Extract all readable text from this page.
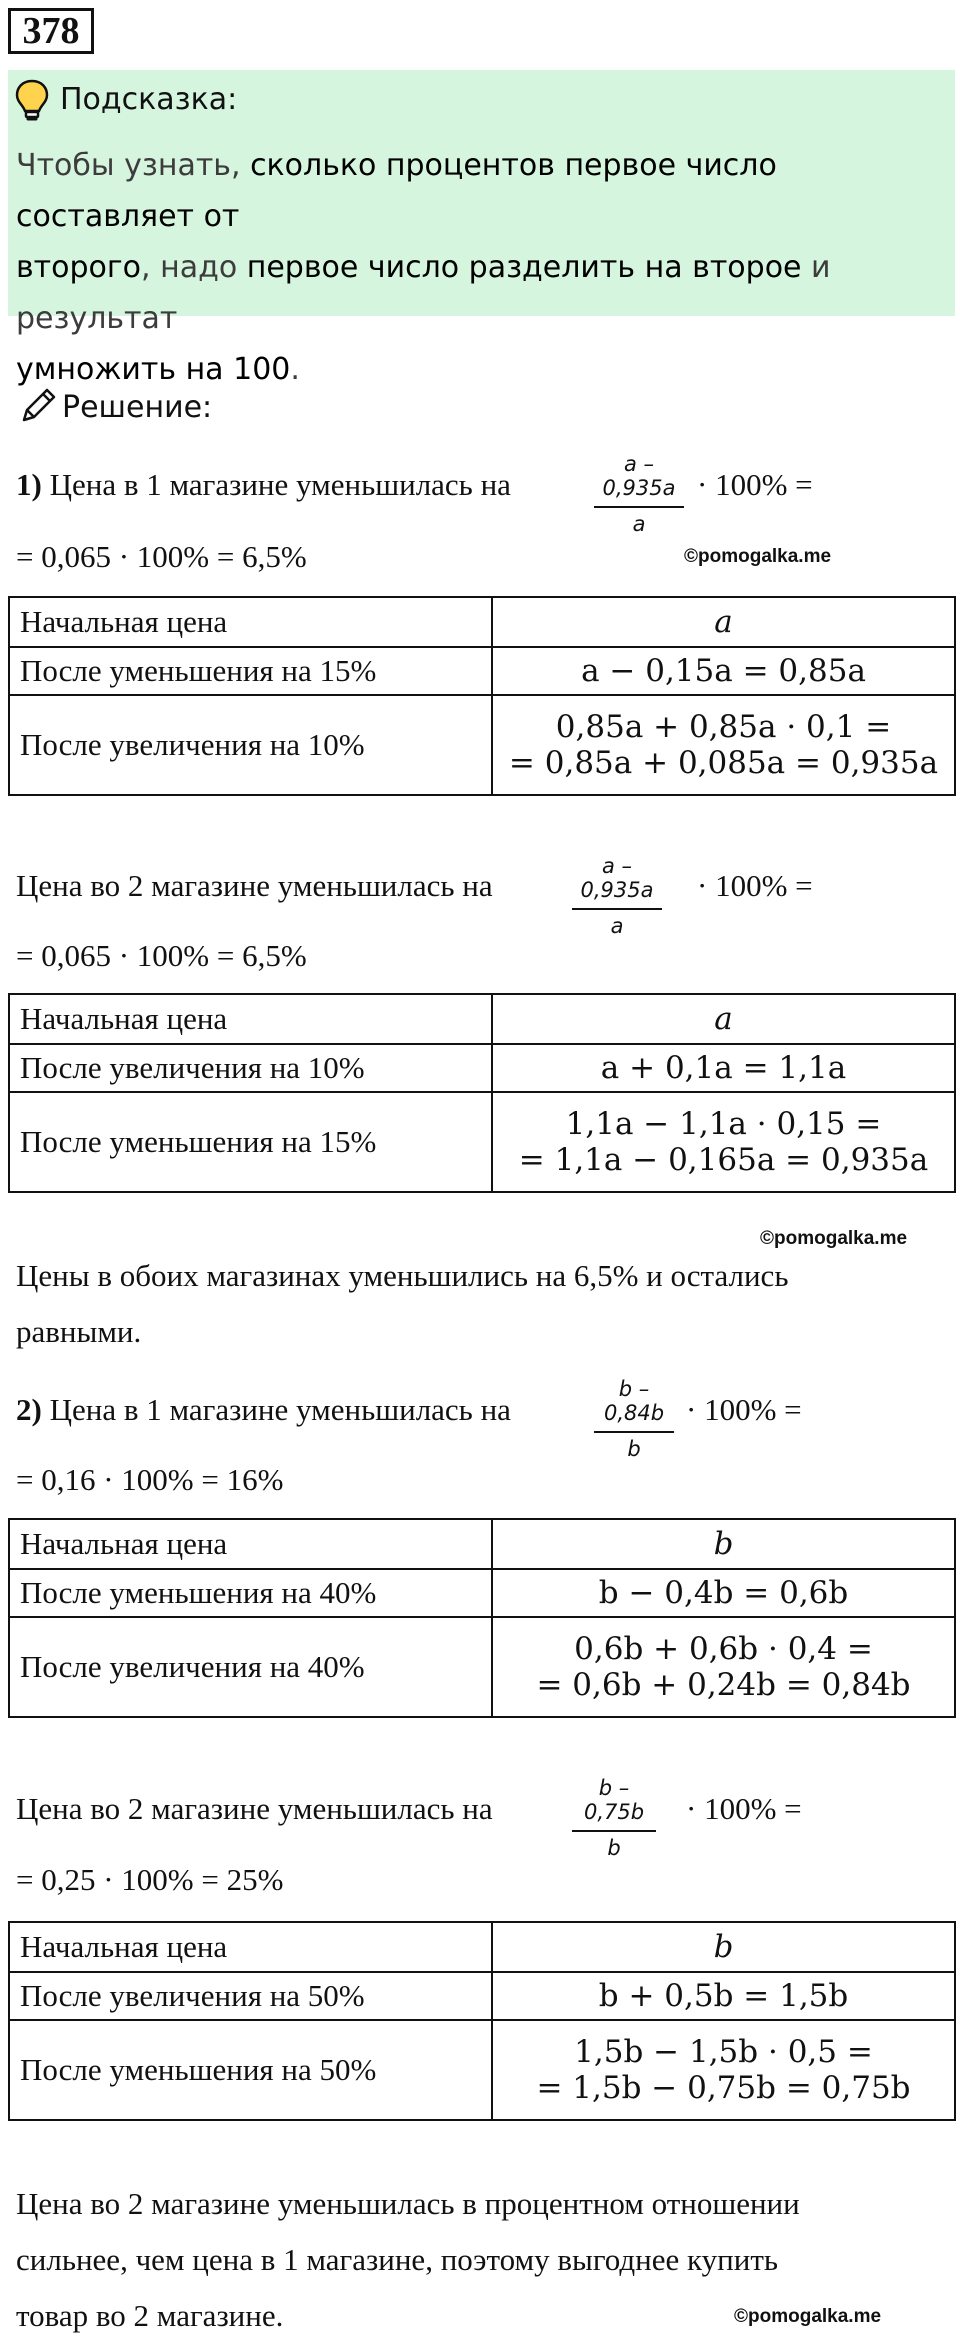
378
Подсказка:
Чтобы узнать, сколько процентов первое число составляет от
второго, надо первое число разделить на второе и результат
умножить на 100.
Решение:
1) Цена в 1 магазине уменьшилась на
a – 0,935a
a
· 100% =
= 0,065 · 100% = 6,5%	©pomogalka.me
Начальная цена	a
После уменьшения на 15%	a − 0,15a = 0,85a
После увеличения на 10%	0,85a + 0,85a · 0,1 =
= 0,85a + 0,085a = 0,935a
Цена во 2 магазине уменьшилась на
a – 0,935a
a
· 100% =
= 0,065 · 100% = 6,5%
Начальная цена	a
После увеличения на 10%	a + 0,1a = 1,1a
После уменьшения на 15%	1,1a − 1,1a · 0,15 =
= 1,1a − 0,165a = 0,935a
©pomogalka.me
Цены в обоих магазинах уменьшились на 6,5% и остались
равными.
2) Цена в 1 магазине уменьшилась на
b – 0,84b
b
· 100% =
= 0,16 · 100% = 16%
Начальная цена	b
После уменьшения на 40%	b − 0,4b = 0,6b
После увеличения на 40%	0,6b + 0,6b · 0,4 =
= 0,6b + 0,24b = 0,84b
Цена во 2 магазине уменьшилась на
b – 0,75b
b
· 100% =
= 0,25 · 100% = 25%
Начальная цена	b
После увеличения на 50%	b + 0,5b = 1,5b
После уменьшения на 50%	1,5b − 1,5b · 0,5 =
= 1,5b − 0,75b = 0,75b
Цена во 2 магазине уменьшилась в процентном отношении
сильнее, чем цена в 1 магазине, поэтому выгоднее купить
товар во 2 магазине.	©pomogalka.me
